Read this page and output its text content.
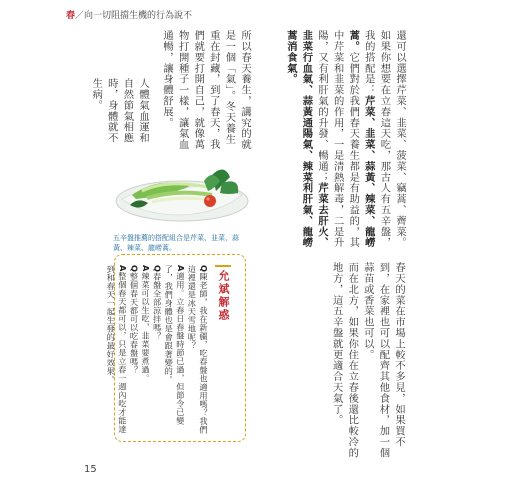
春／向一切阻擋生機的行為說不
還可以選擇芹菜、韭菜、菠菜、竊蒿、薺菜。
如果你想要在立春這天吃，那古人有五辛盤，我的搭配是：芹菜、韭菜、蒜黃、辣菜、龍嶗蒿。它們對於我們春天養生都是有助益的，其中芹菜和韭菜的作用，一是清熱解毒，二是升陽，又有利肝氣的升發、暢通；芹菜去肝火、韭菜行血氣、蒜黃通陽氣、辣菜利肝氣、龍嶗蒿消食氣。
所以春天養生，講究的就是一個「氣」。冬天養生重在封藏，到了春天，我們就要打開自己，就像萬物打開種子一樣，讓氣血通暢，讓身體舒展。
人體氣血運和自然節氣相應時，身體就不生病。
春天的菜在市場上較不多見，如果買不到，在家裡也可以配齊其他食材，加一個蒜苗或香菜也可以。
而在北方，如果你住在立春後還比較冷的地方，這五辛盤就更適合天氣了。
五辛盤推薦的搭配組合是芹菜、韭菜、蒜黃、辣菜、龍嶗蒿。
允斌解惑
Q陳老師，我在新疆，吃春盤也適用嗎？我們這裡還是冰天雪地呢？
A適用。立春日春盤時節已過，但節令已變了，我們身體也是會跟著變的。
Q春盤全部涼拌嗎？
A辣菜可以生吃，韭菜要煮過。
Q整個春天都可以吃春盤嗎？
A整個春天都可以，只是立春一週內吃才能達到和春天一起生發的最好效果。
15
